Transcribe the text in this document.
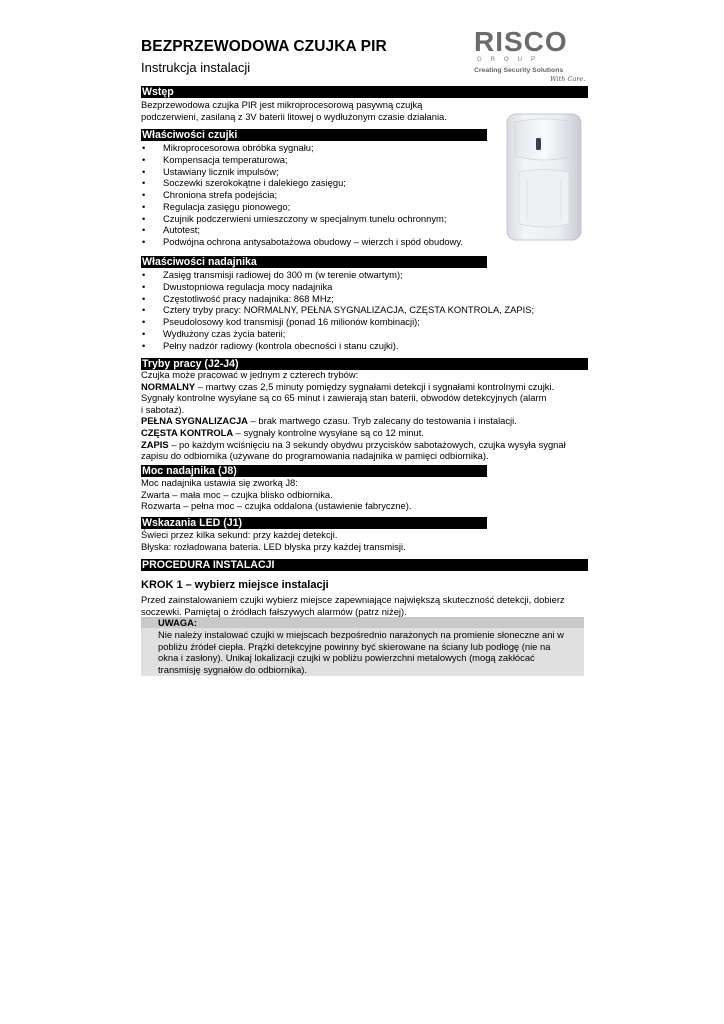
BEZPRZEWODOWA CZUJKA PIR
Instrukcja instalacji
RISCO
GROUP
Creating Security Solutions
With Care.
Wstęp
Bezprzewodowa czujka PIR jest mikroprocesorową pasywną czujką
podczerwieni, zasilaną z 3V baterii litowej o wydłużonym czasie działania.
Właściwości czujki
• Mikroprocesorowa obróbka sygnału;
• Kompensacja temperaturowa;
• Ustawiany licznik impulsów;
• Soczewki szerokokątne i dalekiego zasięgu;
• Chroniona strefa podejścia;
• Regulacja zasięgu pionowego;
• Czujnik podczerwieni umieszczony w specjalnym tunelu ochronnym;
• Autotest;
• Podwójna ochrona antysabotażowa obudowy – wierzch i spód obudowy.
Właściwości nadajnika
• Zasięg transmisji radiowej do 300 m (w terenie otwartym);
• Dwustopniowa regulacja mocy nadajnika
• Częstotliwość pracy nadajnika: 868 MHz;
• Cztery tryby pracy: NORMALNY, PEŁNA SYGNALIZACJA, CZĘSTA KONTROLA, ZAPIS;
• Pseudolosowy kod transmisji (ponad 16 milionów kombinacji);
• Wydłużony czas życia baterii;
• Pełny nadzór radiowy (kontrola obecności i stanu czujki).
Tryby pracy (J2-J4)
Czujka może pracować w jednym z czterech trybów:
NORMALNY – martwy czas 2,5 minuty pomiędzy sygnałami detekcji i sygnałami kontrolnymi czujki.
Sygnały kontrolne wysyłane są co 65 minut i zawierają stan baterii, obwodów detekcyjnych (alarm
i sabotaż).
PEŁNA SYGNALIZACJA – brak martwego czasu. Tryb zalecany do testowania i instalacji.
CZĘSTA KONTROLA – sygnały kontrolne wysyłane są co 12 minut.
ZAPIS – po każdym wciśnięciu na 3 sekundy obydwu przycisków sabotażowych, czujka wysyła sygnał
zapisu do odbiornika (używane do programowania nadajnika w pamięci odbiornika).
Moc nadajnika (J8)
Moc nadajnika ustawia się zworką J8:
Zwarta – mała moc – czujka blisko odbiornika.
Rozwarta – pełna moc – czujka oddalona (ustawienie fabryczne).
Wskazania LED (J1)
Świeci przez kilka sekund: przy każdej detekcji.
Błyska: rozładowana bateria. LED błyska przy każdej transmisji.
PROCEDURA INSTALACJI
KROK 1 – wybierz miejsce instalacji
Przed zainstalowaniem czujki wybierz miejsce zapewniające największą skuteczność detekcji, dobierz
soczewki. Pamiętaj o źródłach fałszywych alarmów (patrz niżej).
UWAGA:
Nie należy instalować czujki w miejscach bezpośrednio narażonych na promienie słoneczne ani w
pobliżu źródeł ciepła. Prążki detekcyjne powinny być skierowane na ściany lub podłogę (nie na
okna i zasłony). Unikaj lokalizacji czujki w pobliżu powierzchni metalowych (mogą zakłócać
transmisję sygnałów do odbiornika).
